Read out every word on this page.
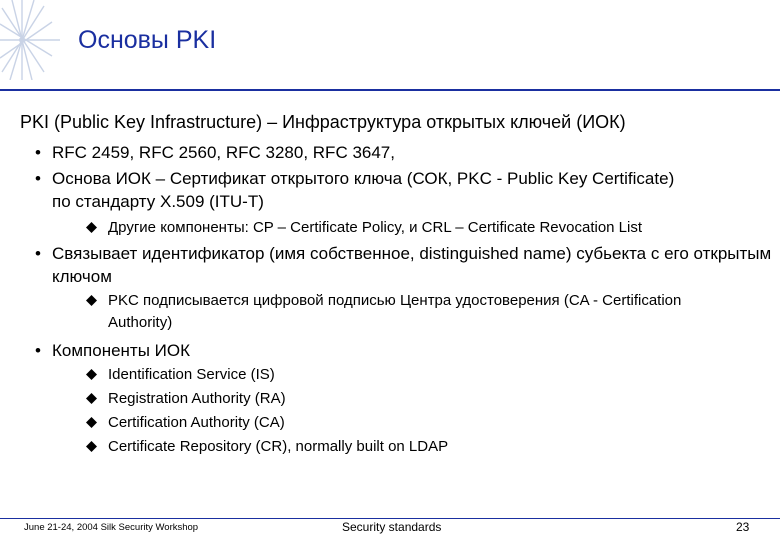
Основы PKI
PKI (Public Key Infrastructure) – Инфраструктура открытых ключей (ИОК)
• RFC 2459, RFC 2560, RFC 3280, RFC 3647,
• Основа ИОК – Сертификат открытого ключа (СОК, PKC - Public Key Certificate) по стандарту X.509 (ITU-T)
Другие компоненты: CP – Certificate Policy, и CRL – Certificate Revocation List
• Связывает идентификатор (имя собственное, distinguished name) субьекта с его открытым ключом
PKC подписывается цифровой подписью Центра удостоверения (CA - Certification Authority)
• Компоненты ИОК
Identification Service (IS)
Registration Authority (RA)
Certification Authority (CA)
Certificate Repository (CR), normally built on LDAP
June 21-24, 2004 Silk Security Workshop	Security standards	23
